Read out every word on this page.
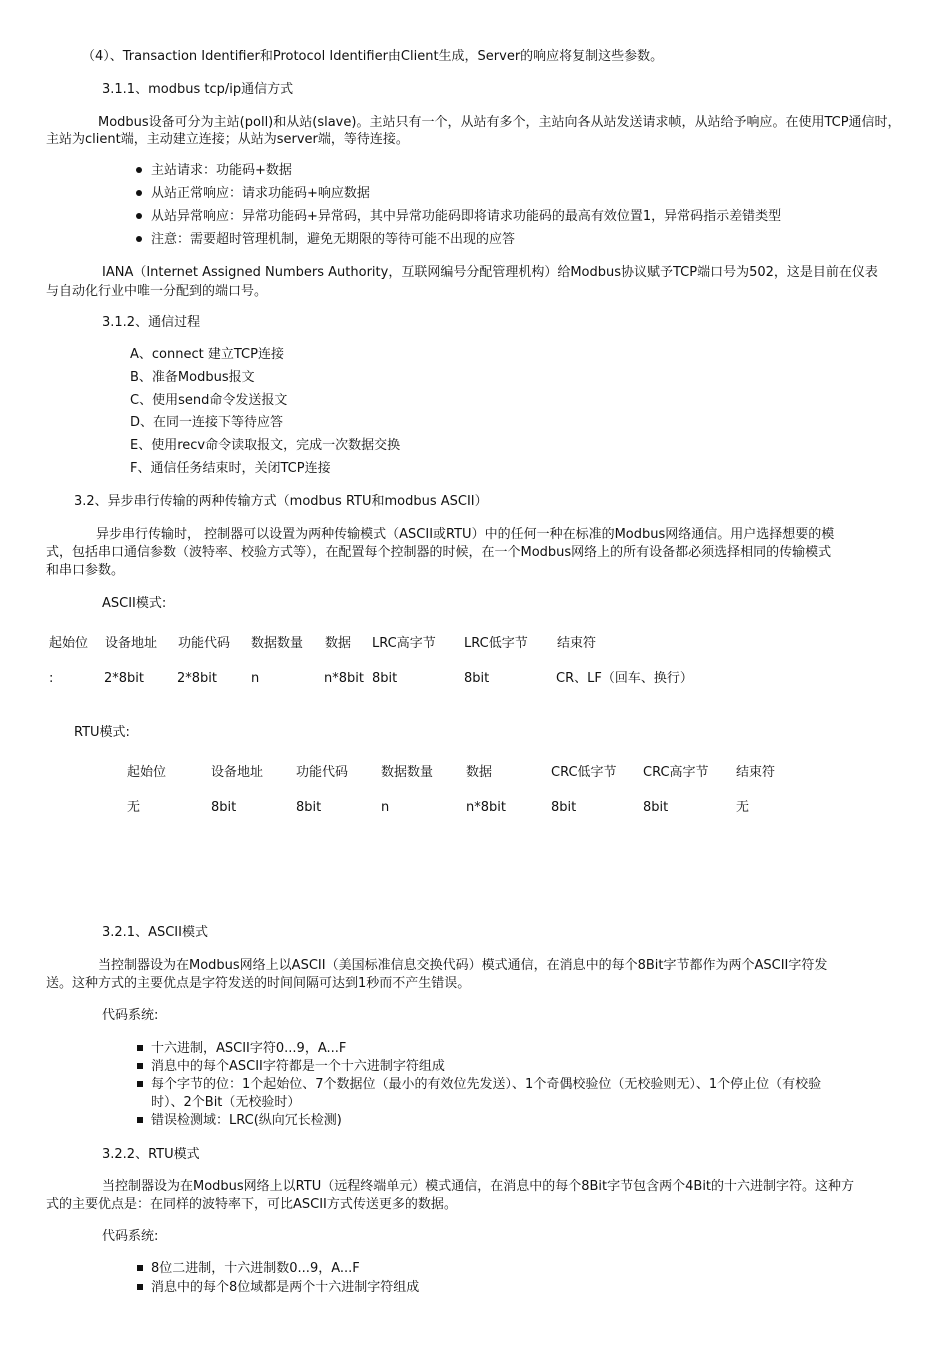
（4）、Transaction Identifier和Protocol Identifier由Client生成，Server的响应将复制这些参数。
3.1.1、modbus tcp/ip通信方式
Modbus设备可分为主站(poll)和从站(slave)。主站只有一个，从站有多个，主站向各从站发送请求帧，从站给予响应。在使用TCP通信时，
主站为client端，主动建立连接；从站为server端，等待连接。
主站请求：功能码+数据
从站正常响应：请求功能码+响应数据
从站异常响应：异常功能码+异常码，其中异常功能码即将请求功能码的最高有效位置1，异常码指示差错类型
注意：需要超时管理机制，避免无期限的等待可能不出现的应答
IANA（Internet Assigned Numbers Authority，互联网编号分配管理机构）给Modbus协议赋予TCP端口号为502，这是目前在仪表
与自动化行业中唯一分配到的端口号。
3.1.2、通信过程
A、connect 建立TCP连接
B、准备Modbus报文
C、使用send命令发送报文
D、在同一连接下等待应答
E、使用recv命令读取报文，完成一次数据交换
F、通信任务结束时，关闭TCP连接
3.2、异步串行传输的两种传输方式（modbus RTU和modbus ASCII）
异步串行传输时， 控制器可以设置为两种传输模式（ASCII或RTU）中的任何一种在标准的Modbus网络通信。用户选择想要的模
式，包括串口通信参数（波特率、校验方式等），在配置每个控制器的时候，在一个Modbus网络上的所有设备都必须选择相同的传输模式
和串口参数。
ASCII模式:
起始位 设备地址 功能代码 数据数量 数据 LRC高字节 LRC低字节 结束符
:	2*8bit	2*8bit	n	n*8bit 8bit	8bit	CR、LF（回车、换行）
RTU模式:
起始位	设备地址	功能代码	数据数量	数据	CRC低字节 CRC高字节 结束符
无	8bit	8bit	n	n*8bit	8bit	8bit	无
3.2.1、ASCII模式
当控制器设为在Modbus网络上以ASCII（美国标准信息交换代码）模式通信，在消息中的每个8Bit字节都作为两个ASCII字符发
送。这种方式的主要优点是字符发送的时间间隔可达到1秒而不产生错误。
代码系统:
十六进制，ASCII字符0...9，A...F
消息中的每个ASCII字符都是一个十六进制字符组成
每个字节的位：1个起始位、7个数据位（最小的有效位先发送）、1个奇偶校验位（无校验则无）、1个停止位（有校验
时）、2个Bit（无校验时）
错误检测域：LRC(纵向冗长检测)
3.2.2、RTU模式
当控制器设为在Modbus网络上以RTU（远程终端单元）模式通信，在消息中的每个8Bit字节包含两个4Bit的十六进制字符。这种方
式的主要优点是：在同样的波特率下，可比ASCII方式传送更多的数据。
代码系统:
8位二进制，十六进制数0...9，A...F
消息中的每个8位域都是两个十六进制字符组成
